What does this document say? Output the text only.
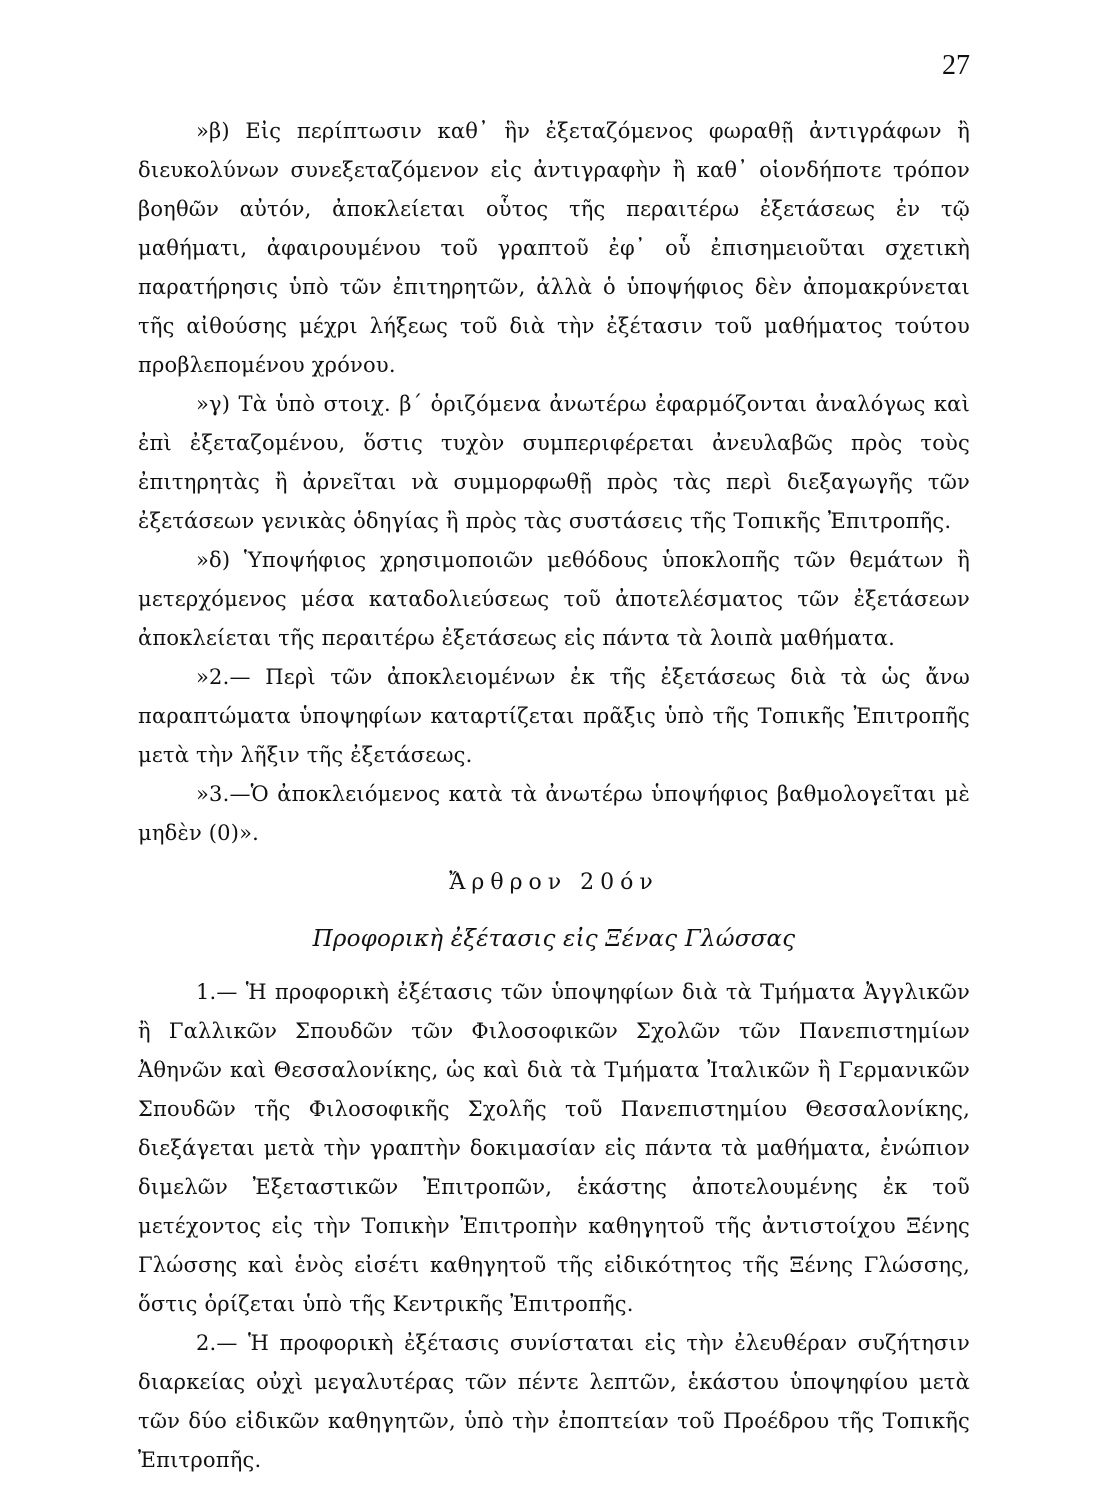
27

»β) Εἰς περίπτωσιν καθ᾿ ἣν ἐξεταζόμενος φωραθῇ ἀντιγράφων ἢ διευκολύνων συνεξεταζόμενον εἰς ἀντιγραφὴν ἢ καθ᾿ οἱονδήποτε τρόπον βοηθῶν αὐτόν, ἀποκλείεται οὗτος τῆς περαιτέρω ἐξετάσεως ἐν τῷ μαθήματι, ἀφαιρουμένου τοῦ γραπτοῦ ἐφ᾿ οὗ ἐπισημειοῦται σχετικὴ παρατήρησις ὑπὸ τῶν ἐπιτηρητῶν, ἀλλὰ ὁ ὑποψήφιος δὲν ἀπομακρύνεται τῆς αἰθούσης μέχρι λήξεως τοῦ διὰ τὴν ἐξέτασιν τοῦ μαθήματος τούτου προβλεπομένου χρόνου.

»γ) Τὰ ὑπὸ στοιχ. β΄ ὁριζόμενα ἀνωτέρω ἐφαρμόζονται ἀναλόγως καὶ ἐπὶ ἐξεταζομένου, ὅστις τυχὸν συμπεριφέρεται ἀνευλαβῶς πρὸς τοὺς ἐπιτηρητὰς ἢ ἀρνεῖται νὰ συμμορφωθῇ πρὸς τὰς περὶ διεξαγωγῆς τῶν ἐξετάσεων γενικὰς ὁδηγίας ἢ πρὸς τὰς συστάσεις τῆς Τοπικῆς Ἐπιτροπῆς.

»δ) Ὑποψήφιος χρησιμοποιῶν μεθόδους ὑποκλοπῆς τῶν θεμάτων ἢ μετερχόμενος μέσα καταδολιεύσεως τοῦ ἀποτελέσματος τῶν ἐξετάσεων ἀποκλείεται τῆς περαιτέρω ἐξετάσεως εἰς πάντα τὰ λοιπὰ μαθήματα.

»2.— Περὶ τῶν ἀποκλειομένων ἐκ τῆς ἐξετάσεως διὰ τὰ ὡς ἄνω παραπτώματα ὑποψηφίων καταρτίζεται πρᾶξις ὑπὸ τῆς Τοπικῆς Ἐπιτροπῆς μετὰ τὴν λῆξιν τῆς ἐξετάσεως.

»3.—Ὁ ἀποκλειόμενος κατὰ τὰ ἀνωτέρω ὑποψήφιος βαθμολογεῖται μὲ μηδὲν (0)».

Ἄρθρον 20όν

Προφορικὴ ἐξέτασις εἰς Ξένας Γλώσσας

1.— Ἡ προφορικὴ ἐξέτασις τῶν ὑποψηφίων διὰ τὰ Τμήματα Ἀγγλικῶν ἢ Γαλλικῶν Σπουδῶν τῶν Φιλοσοφικῶν Σχολῶν τῶν Πανεπιστημίων Ἀθηνῶν καὶ Θεσσαλονίκης, ὡς καὶ διὰ τὰ Τμήματα Ἰταλικῶν ἢ Γερμανικῶν Σπουδῶν τῆς Φιλοσοφικῆς Σχολῆς τοῦ Πανεπιστημίου Θεσσαλονίκης, διεξάγεται μετὰ τὴν γραπτὴν δοκιμασίαν εἰς πάντα τὰ μαθήματα, ἐνώπιον διμελῶν Ἐξεταστικῶν Ἐπιτροπῶν, ἑκάστης ἀποτελουμένης ἐκ τοῦ μετέχοντος εἰς τὴν Τοπικὴν Ἐπιτροπὴν καθηγητοῦ τῆς ἀντιστοίχου Ξένης Γλώσσης καὶ ἑνὸς εἰσέτι καθηγητοῦ τῆς εἰδικότητος τῆς Ξένης Γλώσσης, ὅστις ὁρίζεται ὑπὸ τῆς Κεντρικῆς Ἐπιτροπῆς.

2.— Ἡ προφορικὴ ἐξέτασις συνίσταται εἰς τὴν ἐλευθέραν συζήτησιν διαρκείας οὐχὶ μεγαλυτέρας τῶν πέντε λεπτῶν, ἑκάστου ὑποψηφίου μετὰ τῶν δύο εἰδικῶν καθηγητῶν, ὑπὸ τὴν ἐποπτείαν τοῦ Προέδρου τῆς Τοπικῆς Ἐπιτροπῆς.
